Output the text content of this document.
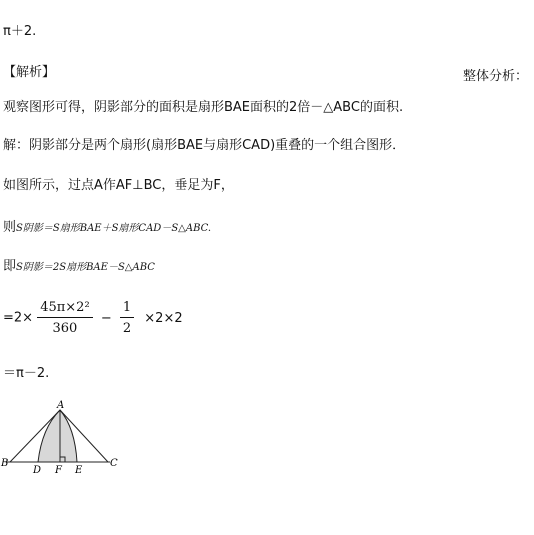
π＋2.
【解析】	整体分析：
观察图形可得，阴影部分的面积是扇形BAE面积的2倍－△ABC的面积.
解：阴影部分是两个扇形(扇形BAE与扇形CAD)重叠的一个组合图形．
如图所示，过点A作AF⊥BC，垂足为F，
则S阴影＝S扇形BAE＋S扇形CAD－S△ABC.
即S阴影＝2S扇形BAE－S△ABC
$=2\times \frac{\text{45π×2²}}{360} - \frac{1}{2} \times 2\times 2$
＝π－2.
A
B	C
D F E
